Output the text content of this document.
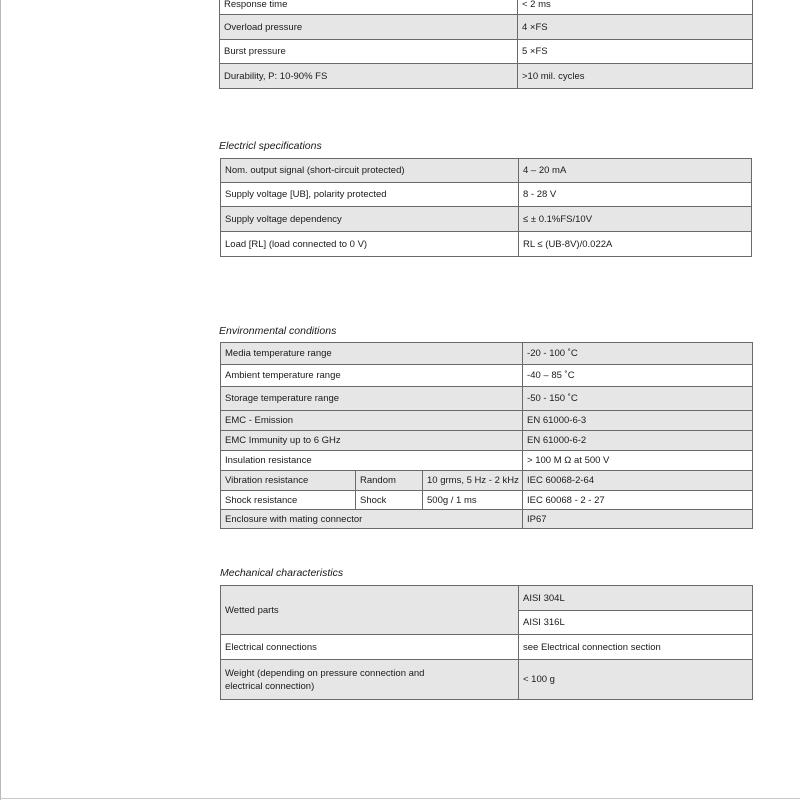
Response time	< 2 ms
Overload pressure	4 ×FS
Burst pressure	5 ×FS
Durability, P: 10-90% FS	>10 mil. cycles
Electricl specifications
Nom. output signal (short-circuit protected)	4 – 20 mA
Supply voltage [UB], polarity protected	8 - 28 V
Supply voltage dependency	≤ ± 0.1%FS/10V
Load [RL] (load connected to 0 V)	RL ≤ (UB-8V)/0.022A
Environmental conditions
Media temperature range			-20 - 100 ˚C
Ambient temperature range			-40 – 85 ˚C
Storage temperature range			-50 - 150 ˚C
EMC - Emission			EN 61000-6-3
EMC Immunity up to 6 GHz			EN 61000-6-2
Insulation resistance			> 100 M Ω at 500 V
Vibration resistance	Random	10 grms, 5 Hz - 2 kHz	IEC 60068-2-64
Shock resistance	Shock	500g / 1 ms	IEC 60068 - 2 - 27
Enclosure with mating connector			IP67
Mechanical characteristics
Wetted parts	AISI 304L
	AISI 316L
Electrical connections	see Electrical connection section
Weight (depending on pressure connection and electrical connection)	< 100 g
